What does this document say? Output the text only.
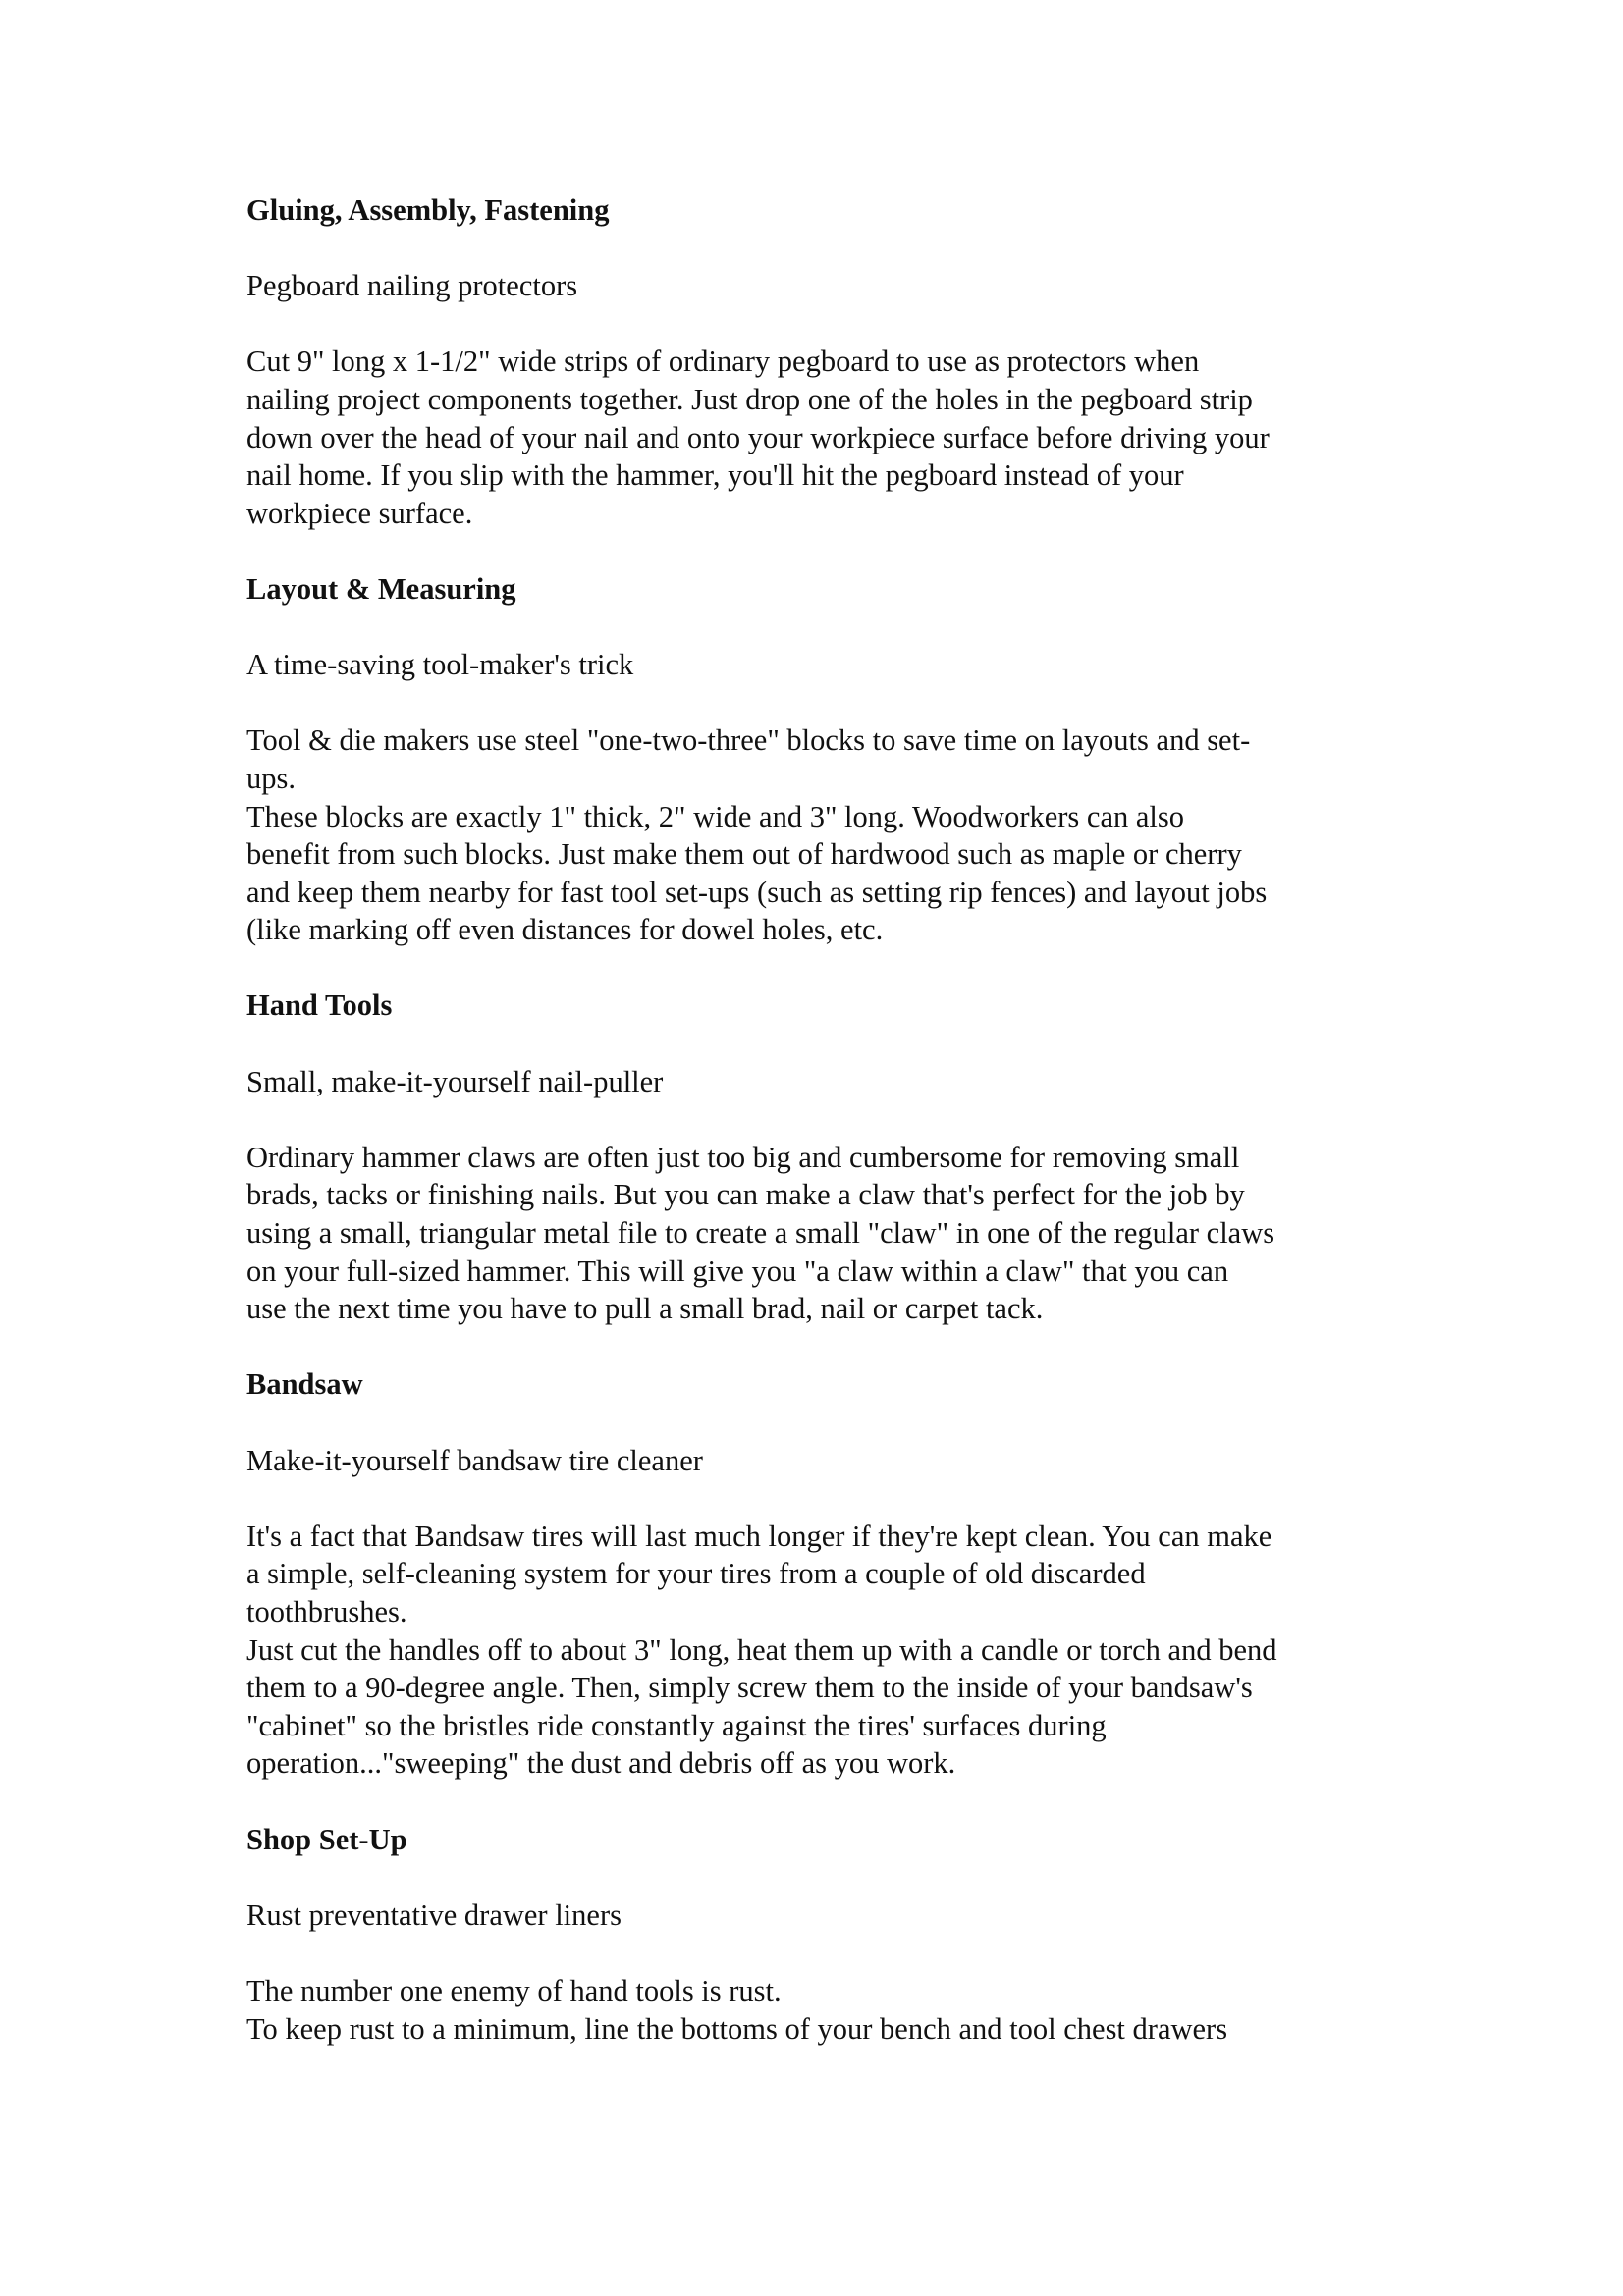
Gluing, Assembly, Fastening

Pegboard nailing protectors

Cut 9" long x 1-1/2" wide strips of ordinary pegboard to use as protectors when

nailing project components together. Just drop one of the holes in the pegboard strip

down over the head of your nail and onto your workpiece surface before driving your

nail home. If you slip with the hammer, you'll hit the pegboard instead of your

workpiece surface.

Layout & Measuring

A time-saving tool-maker's trick

Tool & die makers use steel "one-two-three" blocks to save time on layouts and set-

ups.

These blocks are exactly 1" thick, 2" wide and 3" long. Woodworkers can also

benefit from such blocks. Just make them out of hardwood such as maple or cherry

and keep them nearby for fast tool set-ups (such as setting rip fences) and layout jobs

(like marking off even distances for dowel holes, etc.

Hand Tools

Small, make-it-yourself nail-puller

Ordinary hammer claws are often just too big and cumbersome for removing small

brads, tacks or finishing nails. But you can make a claw that's perfect for the job by

using a small, triangular metal file to create a small "claw" in one of the regular claws

on your full-sized hammer. This will give you "a claw within a claw" that you can

use the next time you have to pull a small brad, nail or carpet tack.

Bandsaw

Make-it-yourself bandsaw tire cleaner

It's a fact that Bandsaw tires will last much longer if they're kept clean. You can make

a simple, self-cleaning system for your tires from a couple of old discarded

toothbrushes.

Just cut the handles off to about 3" long, heat them up with a candle or torch and bend

them to a 90-degree angle. Then, simply screw them to the inside of your bandsaw's

"cabinet" so the bristles ride constantly against the tires' surfaces during

operation..."sweeping" the dust and debris off as you work.

Shop Set-Up

Rust preventative drawer liners

The number one enemy of hand tools is rust.

To keep rust to a minimum, line the bottoms of your bench and tool chest drawers
